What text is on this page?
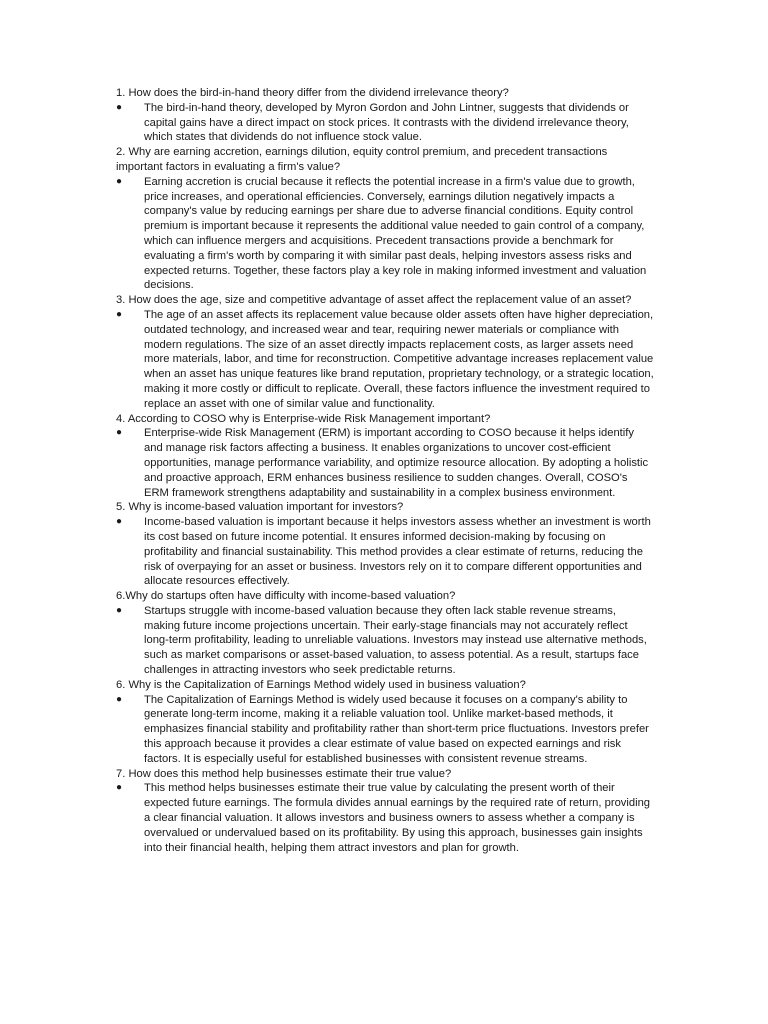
1. How does the bird-in-hand theory differ from the dividend irrelevance theory?

●	The bird-in-hand theory, developed by Myron Gordon and John Lintner, suggests that dividends or capital gains have a direct impact on stock prices. It contrasts with the dividend irrelevance theory, which states that dividends do not influence stock value.

2. Why are earning accretion, earnings dilution, equity control premium, and precedent transactions important factors in evaluating a firm's value?

●	Earning accretion is crucial because it reflects the potential increase in a firm's value due to growth, price increases, and operational efficiencies. Conversely, earnings dilution negatively impacts a company's value by reducing earnings per share due to adverse financial conditions. Equity control premium is important because it represents the additional value needed to gain control of a company, which can influence mergers and acquisitions. Precedent transactions provide a benchmark for evaluating a firm's worth by comparing it with similar past deals, helping investors assess risks and expected returns. Together, these factors play a key role in making informed investment and valuation decisions.

3. How does the age, size and competitive advantage of asset affect the replacement value of an asset?

●	The age of an asset affects its replacement value because older assets often have higher depreciation, outdated technology, and increased wear and tear, requiring newer materials or compliance with modern regulations. The size of an asset directly impacts replacement costs, as larger assets need more materials, labor, and time for reconstruction. Competitive advantage increases replacement value when an asset has unique features like brand reputation, proprietary technology, or a strategic location, making it more costly or difficult to replicate. Overall, these factors influence the investment required to replace an asset with one of similar value and functionality.

4. According to COSO why is Enterprise-wide Risk Management important?

●	Enterprise-wide Risk Management (ERM) is important according to COSO because it helps identify and manage risk factors affecting a business. It enables organizations to uncover cost-efficient opportunities, manage performance variability, and optimize resource allocation. By adopting a holistic and proactive approach, ERM enhances business resilience to sudden changes. Overall, COSO's ERM framework strengthens adaptability and sustainability in a complex business environment.

5. Why is income-based valuation important for investors?

●	Income-based valuation is important because it helps investors assess whether an investment is worth its cost based on future income potential. It ensures informed decision-making by focusing on profitability and financial sustainability. This method provides a clear estimate of returns, reducing the risk of overpaying for an asset or business. Investors rely on it to compare different opportunities and allocate resources effectively.

6.Why do startups often have difficulty with income-based valuation?

●	Startups struggle with income-based valuation because they often lack stable revenue streams, making future income projections uncertain. Their early-stage financials may not accurately reflect long-term profitability, leading to unreliable valuations. Investors may instead use alternative methods, such as market comparisons or asset-based valuation, to assess potential. As a result, startups face challenges in attracting investors who seek predictable returns.

6. Why is the Capitalization of Earnings Method widely used in business valuation?

●	The Capitalization of Earnings Method is widely used because it focuses on a company's ability to generate long-term income, making it a reliable valuation tool. Unlike market-based methods, it emphasizes financial stability and profitability rather than short-term price fluctuations. Investors prefer this approach because it provides a clear estimate of value based on expected earnings and risk factors. It is especially useful for established businesses with consistent revenue streams.

7. How does this method help businesses estimate their true value?

●	This method helps businesses estimate their true value by calculating the present worth of their expected future earnings. The formula divides annual earnings by the required rate of return, providing a clear financial valuation. It allows investors and business owners to assess whether a company is overvalued or undervalued based on its profitability. By using this approach, businesses gain insights into their financial health, helping them attract investors and plan for growth.
